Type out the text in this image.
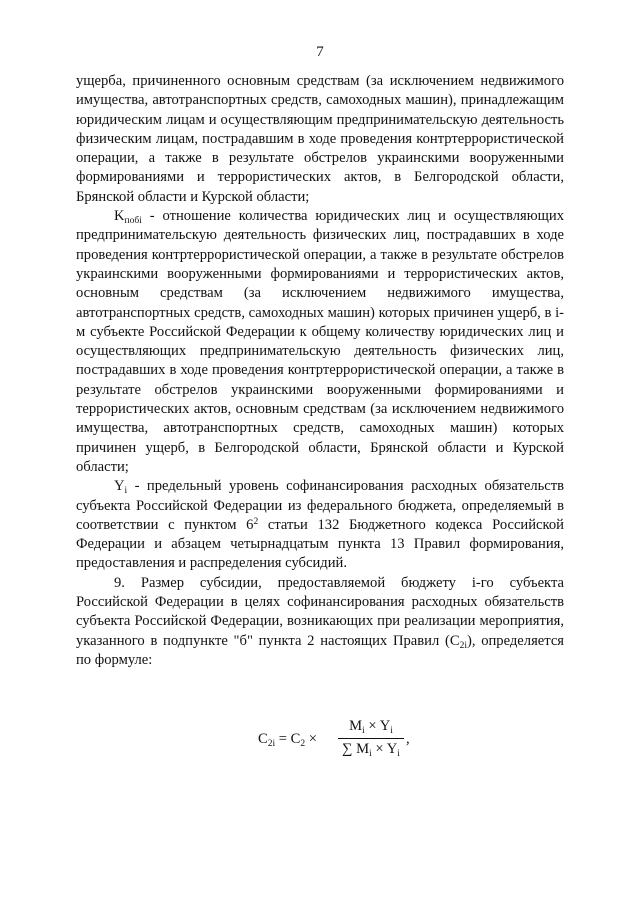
7

ущерба, причиненного основным средствам (за исключением недвижимого имущества, автотранспортных средств, самоходных машин), принадлежащим юридическим лицам и осуществляющим предпринимательскую деятельность физическим лицам, пострадавшим в ходе проведения контртеррористической операции, а также в результате обстрелов украинскими вооруженными формированиями и террористических актов, в Белгородской области, Брянской области и Курской области;

$K_{побi}$ - отношение количества юридических лиц и осуществляющих предпринимательскую деятельность физических лиц, пострадавших в ходе проведения контртеррористической операции, а также в результате обстрелов украинскими вооруженными формированиями и террористических актов, основным средствам (за исключением недвижимого имущества, автотранспортных средств, самоходных машин) которых причинен ущерб, в i-м субъекте Российской Федерации к общему количеству юридических лиц и осуществляющих предпринимательскую деятельность физических лиц, пострадавших в ходе проведения контртеррористической операции, а также в результате обстрелов украинскими вооруженными формированиями и террористических актов, основным средствам (за исключением недвижимого имущества, автотранспортных средств, самоходных машин) которых причинен ущерб, в Белгородской области, Брянской области и Курской области;

$Y_i$ - предельный уровень софинансирования расходных обязательств субъекта Российской Федерации из федерального бюджета, определяемый в соответствии с пунктом $6^2$ статьи 132 Бюджетного кодекса Российской Федерации и абзацем четырнадцатым пункта 13 Правил формирования, предоставления и распределения субсидий.

9. Размер субсидии, предоставляемой бюджету i-го субъекта Российской Федерации в целях софинансирования расходных обязательств субъекта Российской Федерации, возникающих при реализации мероприятия, указанного в подпункте "б" пункта 2 настоящих Правил $(C_{2i})$, определяется по формуле:

$C_{2i} = C_2$ ×
$M_i \times Y_i$
∑ $M_i \times Y_i$
,
